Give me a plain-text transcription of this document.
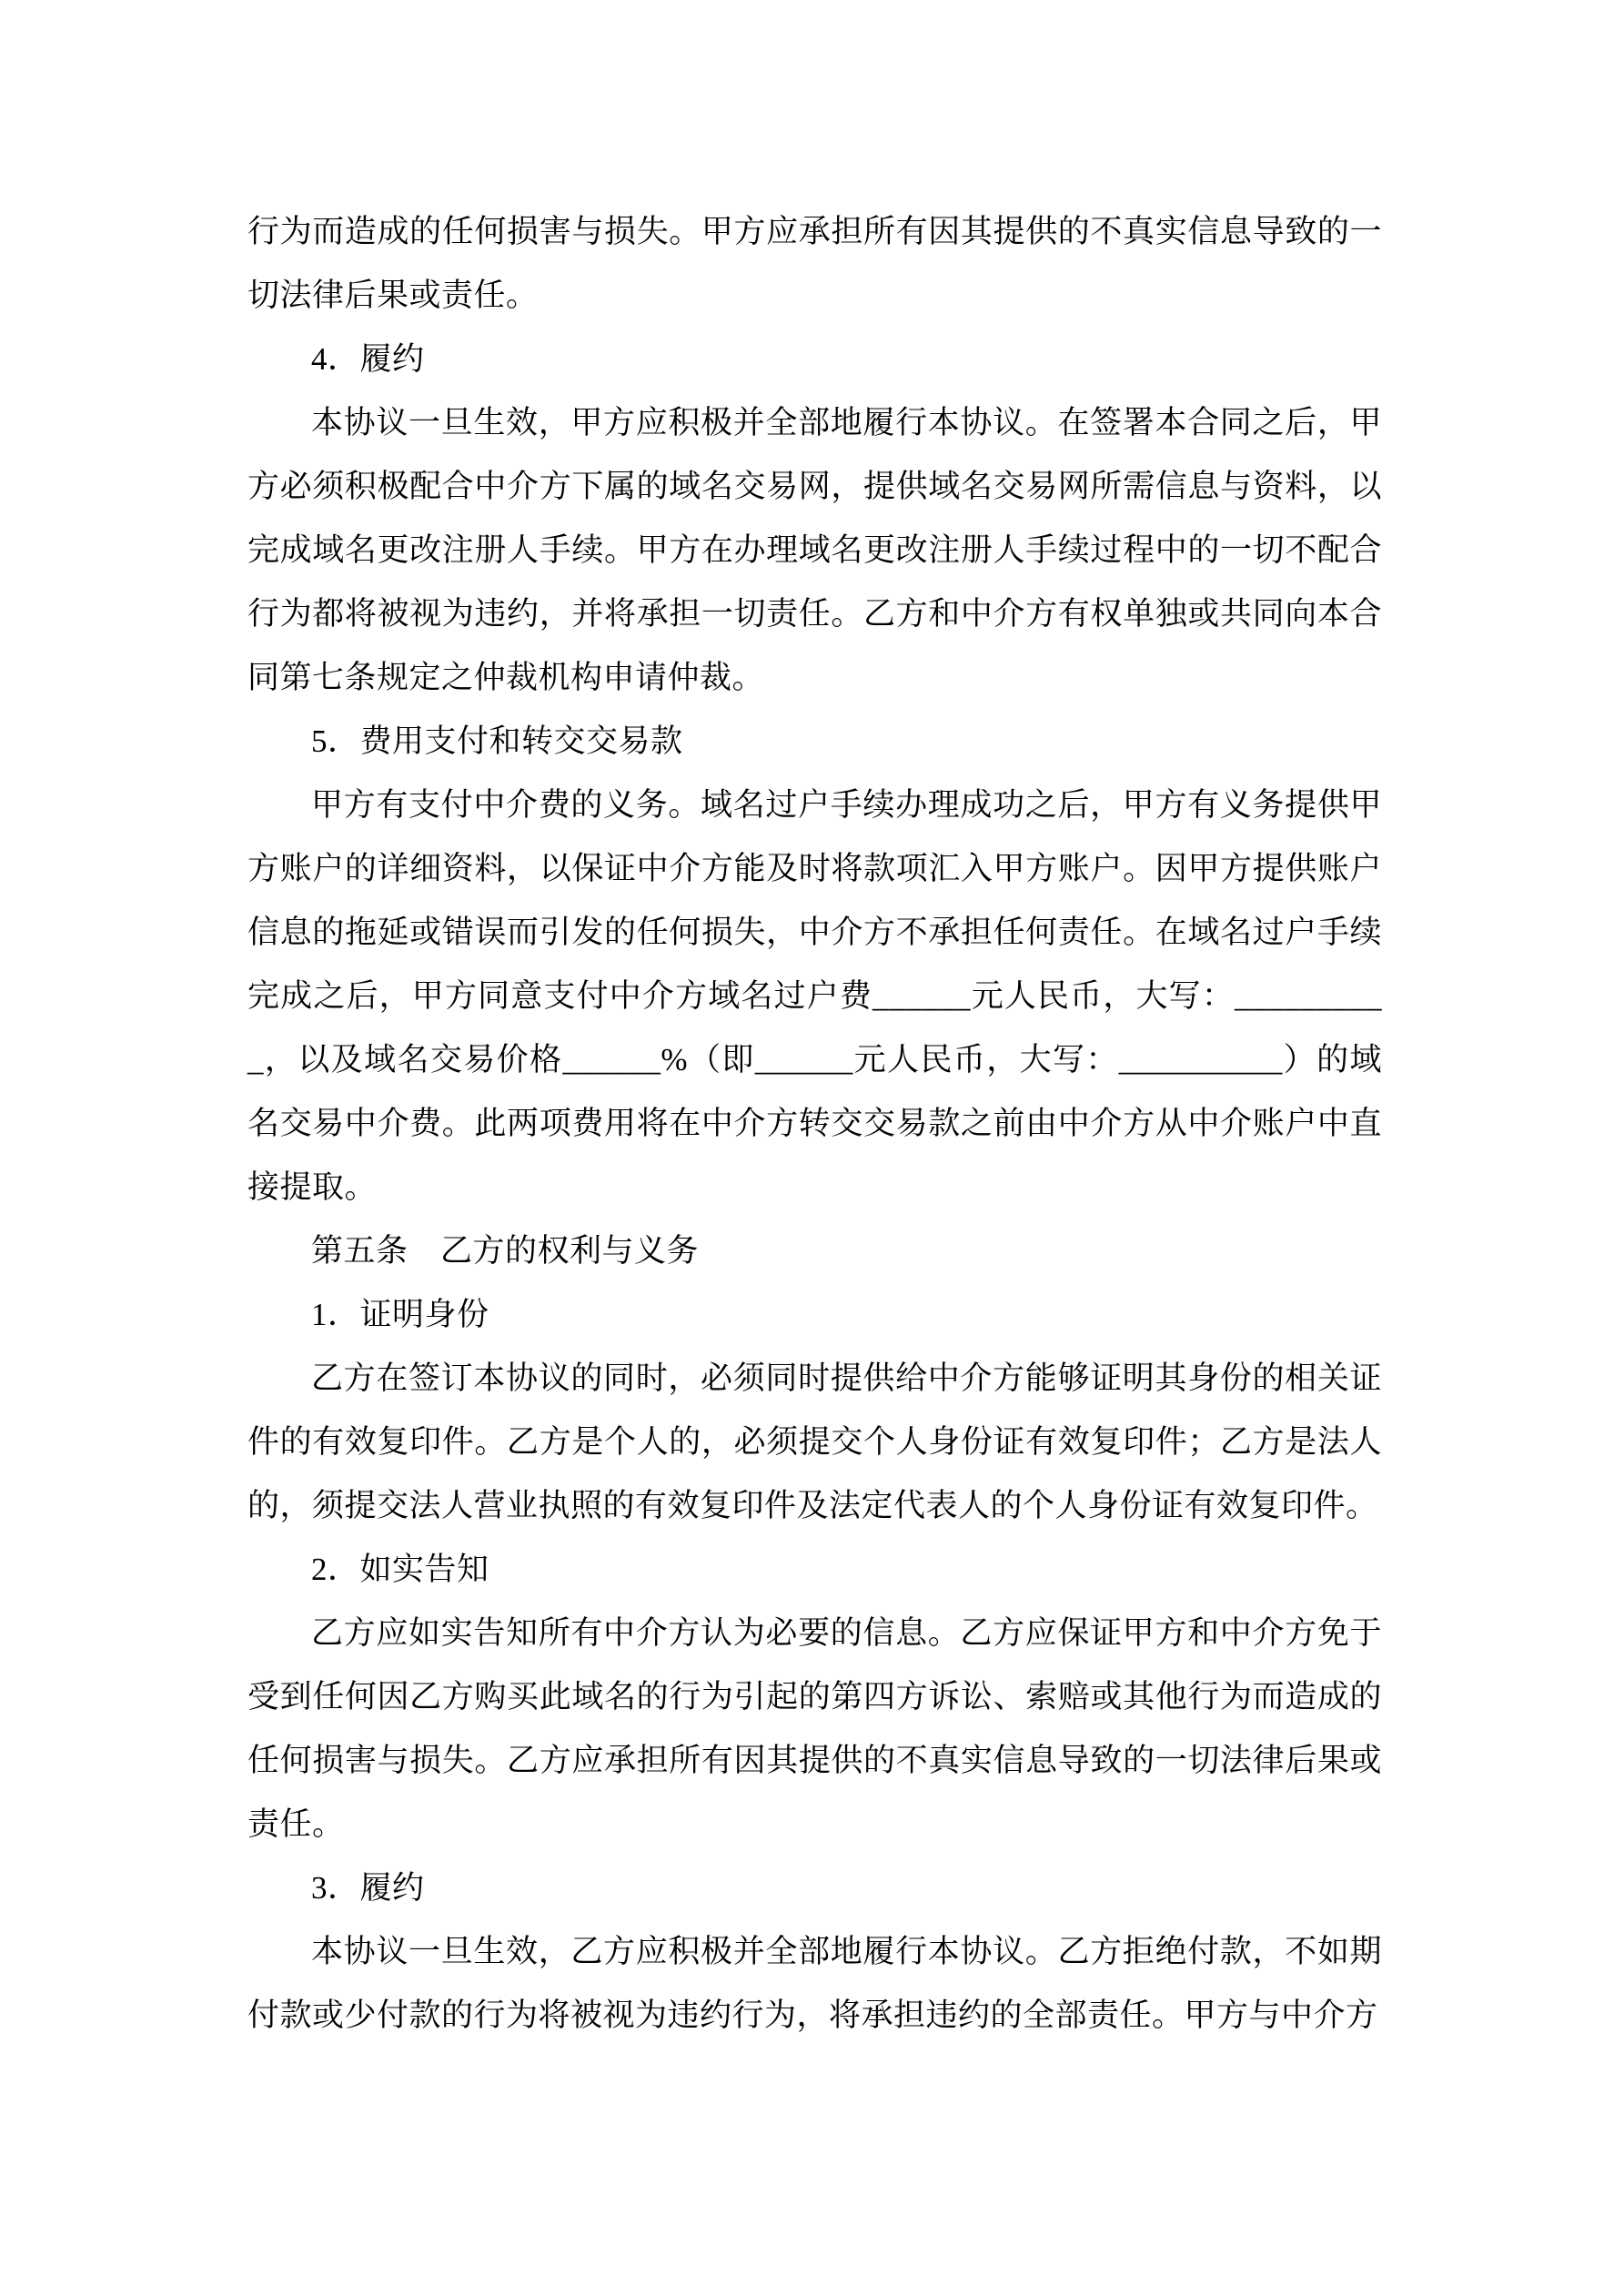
行为而造成的任何损害与损失。甲方应承担所有因其提供的不真实信息导致的一切法律后果或责任。

4．履约

本协议一旦生效，甲方应积极并全部地履行本协议。在签署本合同之后，甲方必须积极配合中介方下属的域名交易网，提供域名交易网所需信息与资料，以完成域名更改注册人手续。甲方在办理域名更改注册人手续过程中的一切不配合行为都将被视为违约，并将承担一切责任。乙方和中介方有权单独或共同向本合同第七条规定之仲裁机构申请仲裁。

5．费用支付和转交交易款

甲方有支付中介费的义务。域名过户手续办理成功之后，甲方有义务提供甲方账户的详细资料，以保证中介方能及时将款项汇入甲方账户。因甲方提供账户信息的拖延或错误而引发的任何损失，中介方不承担任何责任。在域名过户手续完成之后，甲方同意支付中介方域名过户费______元人民币，大写：__________，以及域名交易价格______%（即______元人民币，大写：__________）的域名交易中介费。此两项费用将在中介方转交交易款之前由中介方从中介账户中直接提取。

第五条　乙方的权利与义务

1．证明身份

乙方在签订本协议的同时，必须同时提供给中介方能够证明其身份的相关证件的有效复印件。乙方是个人的，必须提交个人身份证有效复印件；乙方是法人的，须提交法人营业执照的有效复印件及法定代表人的个人身份证有效复印件。

2．如实告知

乙方应如实告知所有中介方认为必要的信息。乙方应保证甲方和中介方免于受到任何因乙方购买此域名的行为引起的第四方诉讼、索赔或其他行为而造成的任何损害与损失。乙方应承担所有因其提供的不真实信息导致的一切法律后果或责任。

3．履约

本协议一旦生效，乙方应积极并全部地履行本协议。乙方拒绝付款，不如期付款或少付款的行为将被视为违约行为，将承担违约的全部责任。甲方与中介方
